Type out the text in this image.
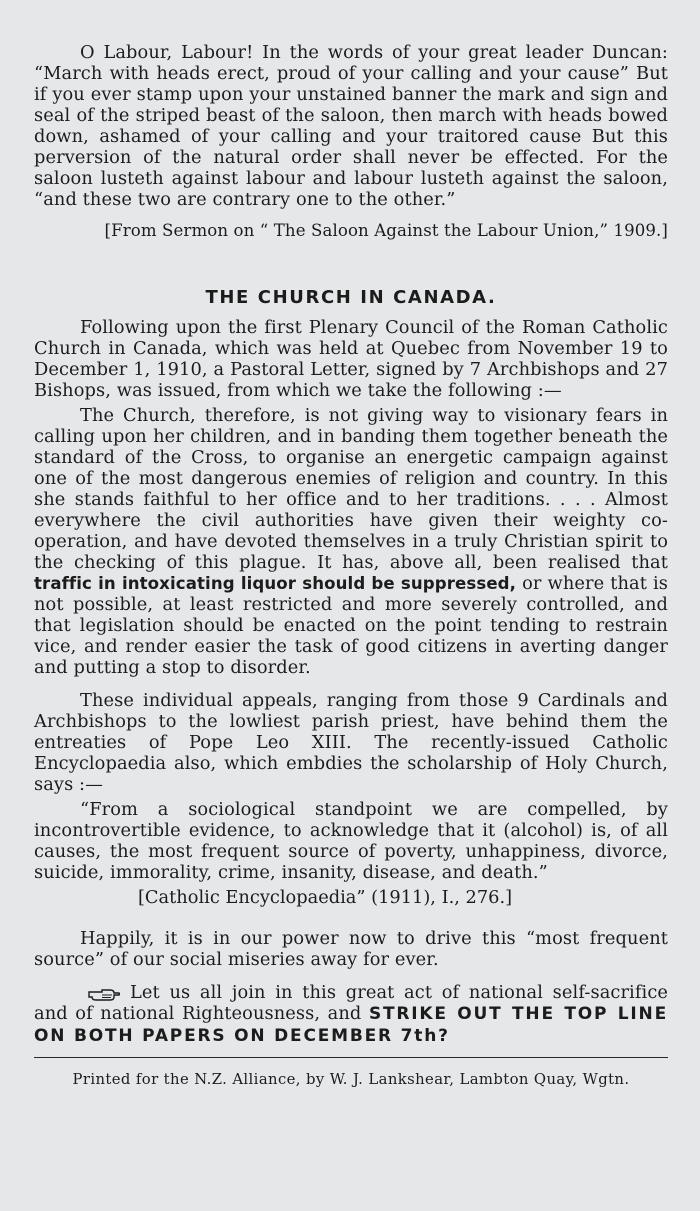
O Labour, Labour! In the words of your great leader Duncan: “March with heads erect, proud of your calling and your cause” But if you ever stamp upon your unstained banner the mark and sign and seal of the striped beast of the saloon, then march with heads bowed down, ashamed of your calling and your traitored cause But this perversion of the natural order shall never be effected. For the saloon lusteth against labour and labour lusteth against the saloon, “and these two are contrary one to the other.”

[From Sermon on “ The Saloon Against the Labour Union,” 1909.]

THE CHURCH IN CANADA.

Following upon the first Plenary Council of the Roman Catholic Church in Canada, which was held at Quebec from November 19 to December 1, 1910, a Pastoral Letter, signed by 7 Archbishops and 27 Bishops, was issued, from which we take the following :—

The Church, therefore, is not giving way to visionary fears in calling upon her children, and in banding them together beneath the standard of the Cross, to organise an energetic campaign against one of the most dangerous enemies of religion and country. In this she stands faithful to her office and to her traditions. . . . Almost everywhere the civil authorities have given their weighty co-operation, and have devoted themselves in a truly Christian spirit to the checking of this plague. It has, above all, been realised that traffic in intoxicating liquor should be suppressed, or where that is not possible, at least restricted and more severely controlled, and that legislation should be enacted on the point tending to restrain vice, and render easier the task of good citizens in averting danger and putting a stop to disorder.

These individual appeals, ranging from those 9 Cardinals and Archbishops to the lowliest parish priest, have behind them the entreaties of Pope Leo XIII. The recently-issued Catholic Encyclopaedia also, which embdies the scholarship of Holy Church, says :—

“From a sociological standpoint we are compelled, by incontrovertible evidence, to acknowledge that it (alcohol) is, of all causes, the most frequent source of poverty, unhappiness, divorce, suicide, immorality, crime, insanity, disease, and death.”

[Catholic Encyclopaedia” (1911), I., 276.]

Happily, it is in our power now to drive this “most frequent source” of our social miseries away for ever.

Let us all join in this great act of national self-sacrifice and of national Righteousness, and STRIKE OUT THE TOP LINE ON BOTH PAPERS ON DECEMBER 7th?

Printed for the N.Z. Alliance, by W. J. Lankshear, Lambton Quay, Wgtn.
